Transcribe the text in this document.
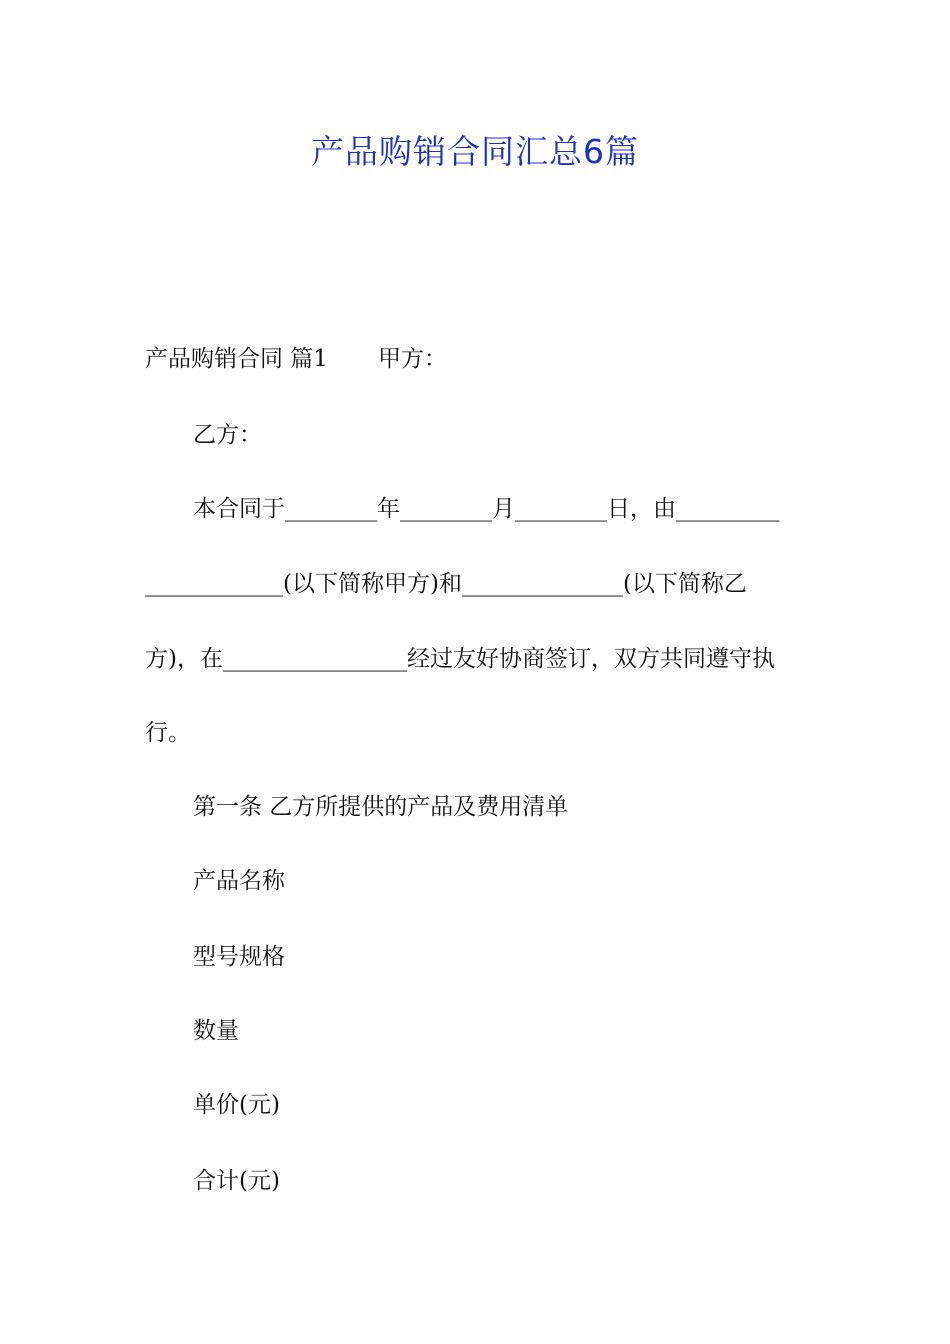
产品购销合同汇总6篇
产品购销合同 篇1 甲方：
乙方：
本合同于________年________月________日，由_________
____________(以下简称甲方)和______________(以下简称乙
方)，在________________经过友好协商签订，双方共同遵守执
行。
第一条 乙方所提供的产品及费用清单
产品名称
型号规格
数量
单价(元)
合计(元)
